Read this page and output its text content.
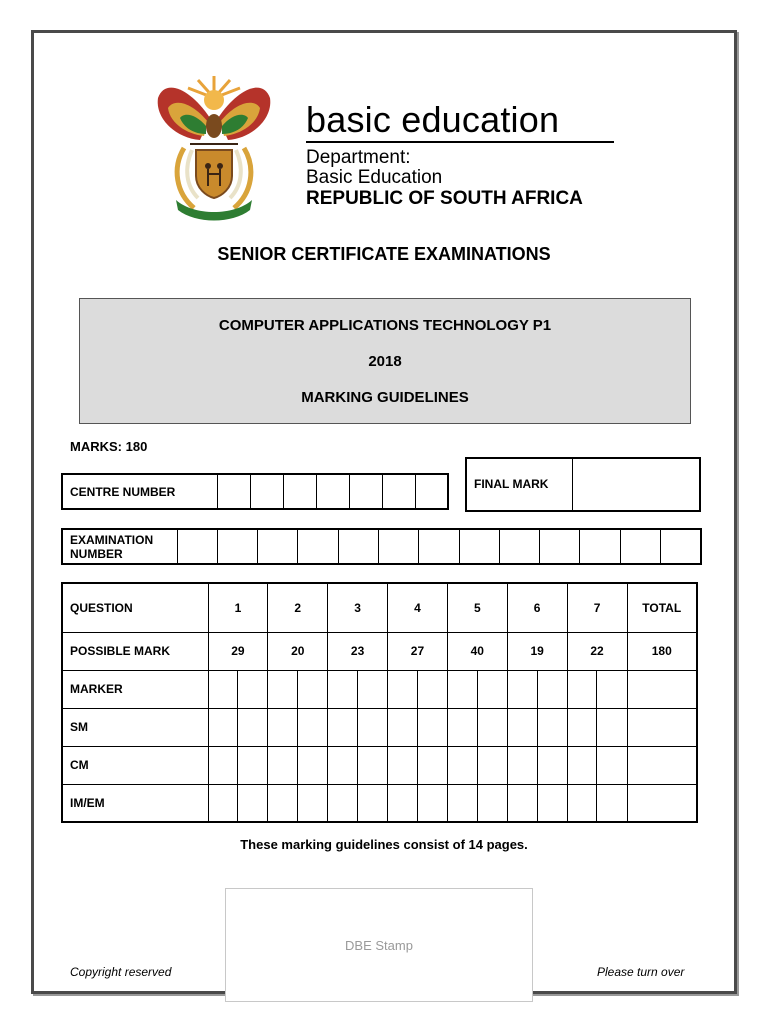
basic education
Department:
Basic Education
REPUBLIC OF SOUTH AFRICA
SENIOR CERTIFICATE EXAMINATIONS
COMPUTER APPLICATIONS TECHNOLOGY P1
2018
MARKING GUIDELINES
MARKS: 180
CENTRE NUMBER							
FINAL MARK	
EXAMINATION NUMBER													
QUESTION	1		2		3		4		5		6		7		TOTAL
POSSIBLE MARK	29		20		23		27		40		19		22		180
MARKER															
SM															
CM															
IM/EM															
These marking guidelines consist of 14 pages.
DBE Stamp
Copyright reserved	Please turn over
